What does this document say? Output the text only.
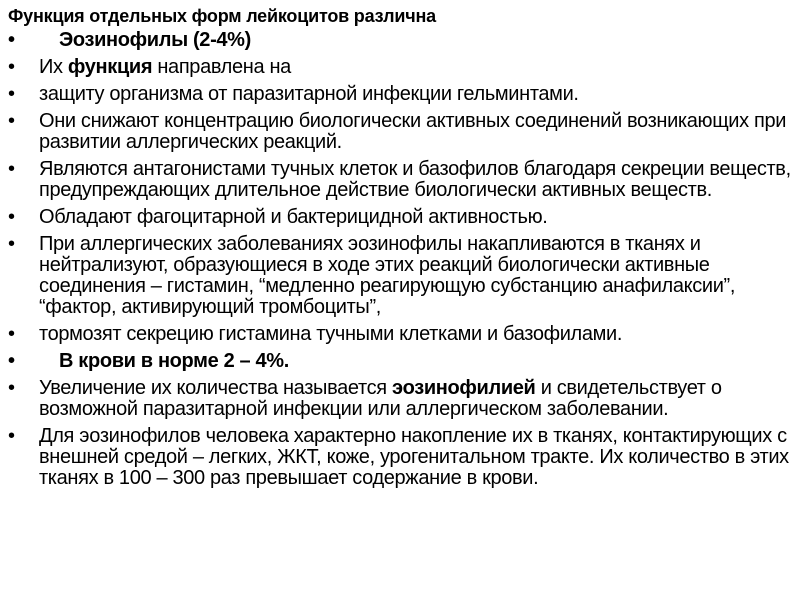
Функция отдельных форм лейкоцитов различна
•	Эозинофилы (2-4%)
•	Их функция направлена на
•	защиту организма от паразитарной инфекции гельминтами.
•	Они снижают концентрацию биологически активных соединений возникающих при развитии аллергических реакций.
•	Являются антагонистами тучных клеток и базофилов благодаря секреции веществ, предупреждающих длительное действие биологически активных веществ.
•	Обладают фагоцитарной и бактерицидной активностью.
•	При аллергических заболеваниях эозинофилы накапливаются в тканях и нейтрализуют, образующиеся в ходе этих реакций биологически активные соединения – гистамин, “медленно реагирующую субстанцию анафилаксии”, “фактор, активирующий тромбоциты”,
•	тормозят секрецию гистамина тучными клетками и базофилами.
•	В крови в норме 2 – 4%.
•	Увеличение их количества называется эозинофилией и свидетельствует о возможной паразитарной инфекции или аллергическом заболевании.
•	Для эозинофилов человека характерно накопление их в тканях, контактирующих с внешней средой – легких, ЖКТ, коже, урогенитальном тракте. Их количество в этих тканях в 100 – 300 раз превышает содержание в крови.
